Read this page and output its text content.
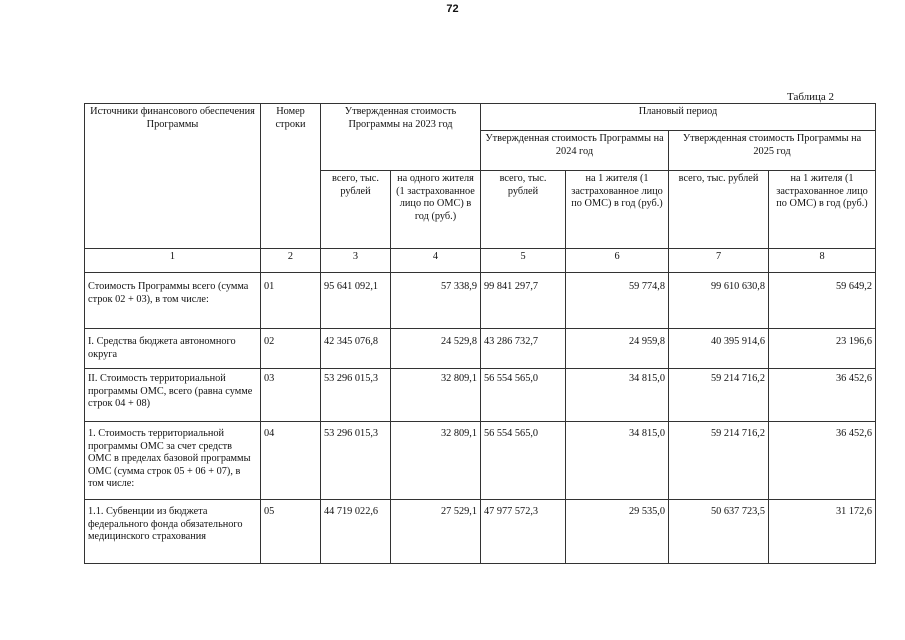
72
Таблица 2
Источники финансового обеспечения Программы	Номер строки	Утвержденная стоимость Программы на 2023 год		Плановый период			
				Утвержденная стоимость Программы на 2024 год		Утвержденная стоимость Программы на 2025 год	
		всего, тыс. рублей	на одного жителя (1 застрахованное лицо по ОМС) в год (руб.)	всего, тыс. рублей	на 1 жителя (1 застрахованное лицо по ОМС) в год (руб.)	всего, тыс. рублей	на 1 жителя (1 застрахованное лицо по ОМС) в год (руб.)
1	2	3	4	5	6	7	8
Стоимость Программы всего (сумма строк 02 + 03), в том числе:	01	95 641 092,1	57 338,9	99 841 297,7	59 774,8	99 610 630,8	59 649,2
I. Средства бюджета автономного округа	02	42 345 076,8	24 529,8	43 286 732,7	24 959,8	40 395 914,6	23 196,6
II. Стоимость территориальной программы ОМС, всего (равна сумме строк 04 + 08)	03	53 296 015,3	32 809,1	56 554 565,0	34 815,0	59 214 716,2	36 452,6
1. Стоимость территориальной программы ОМС за счет средств ОМС в пределах базовой программы ОМС (сумма строк 05 + 06 + 07), в том числе:	04	53 296 015,3	32 809,1	56 554 565,0	34 815,0	59 214 716,2	36 452,6
1.1. Субвенции из бюджета федерального фонда обязательного медицинского страхования	05	44 719 022,6	27 529,1	47 977 572,3	29 535,0	50 637 723,5	31 172,6
